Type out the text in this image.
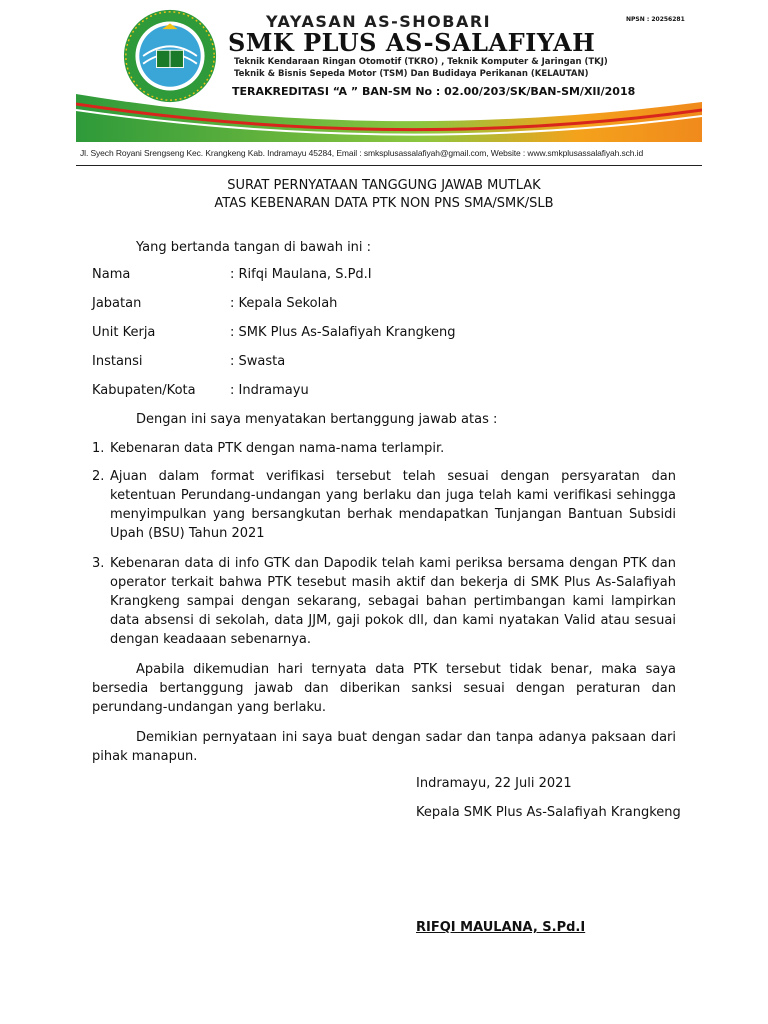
NPSN : 20256281
YAYASAN AS-SHOBARI
SMK PLUS AS-SALAFIYAH
Teknik Kendaraan Ringan Otomotif (TKRO) , Teknik Komputer & Jaringan (TKJ)
Teknik & Bisnis Sepeda Motor (TSM) Dan Budidaya Perikanan (KELAUTAN)
TERAKREDITASI “A ” BAN-SM No : 02.00/203/SK/BAN-SM/XII/2018
Jl. Syech Royani Srengseng Kec. Krangkeng Kab. Indramayu 45284, Email : smksplusassalafiyah@gmail.com, Website : www.smkplusassalafiyah.sch.id
SURAT PERNYATAAN TANGGUNG JAWAB MUTLAK
ATAS KEBENARAN DATA PTK NON PNS SMA/SMK/SLB
Yang bertanda tangan di bawah ini :
Nama	: Rifqi Maulana, S.Pd.I
Jabatan	: Kepala Sekolah
Unit Kerja	: SMK Plus As-Salafiyah Krangkeng
Instansi	: Swasta
Kabupaten/Kota	: Indramayu
Dengan ini saya menyatakan bertanggung jawab atas :
1. Kebenaran data PTK dengan nama-nama terlampir.
2. Ajuan dalam format verifikasi tersebut telah sesuai dengan persyaratan dan ketentuan Perundang-undangan yang berlaku dan juga telah kami verifikasi sehingga menyimpulkan yang bersangkutan berhak mendapatkan Tunjangan Bantuan Subsidi Upah (BSU) Tahun 2021
3. Kebenaran data di info GTK dan Dapodik telah kami periksa bersama dengan PTK dan operator terkait bahwa PTK tesebut masih aktif dan bekerja di SMK Plus As-Salafiyah Krangkeng sampai dengan sekarang, sebagai bahan pertimbangan kami lampirkan data absensi di sekolah, data JJM, gaji pokok dll, dan kami nyatakan Valid atau sesuai dengan keadaaan sebenarnya.
Apabila dikemudian hari ternyata data PTK tersebut tidak benar, maka saya bersedia bertanggung jawab dan diberikan sanksi sesuai dengan peraturan dan perundang-undangan yang berlaku.
Demikian pernyataan ini saya buat dengan sadar dan tanpa adanya paksaan dari pihak manapun.
Indramayu, 22 Juli 2021
Kepala SMK Plus As-Salafiyah Krangkeng
RIFQI MAULANA, S.Pd.I
